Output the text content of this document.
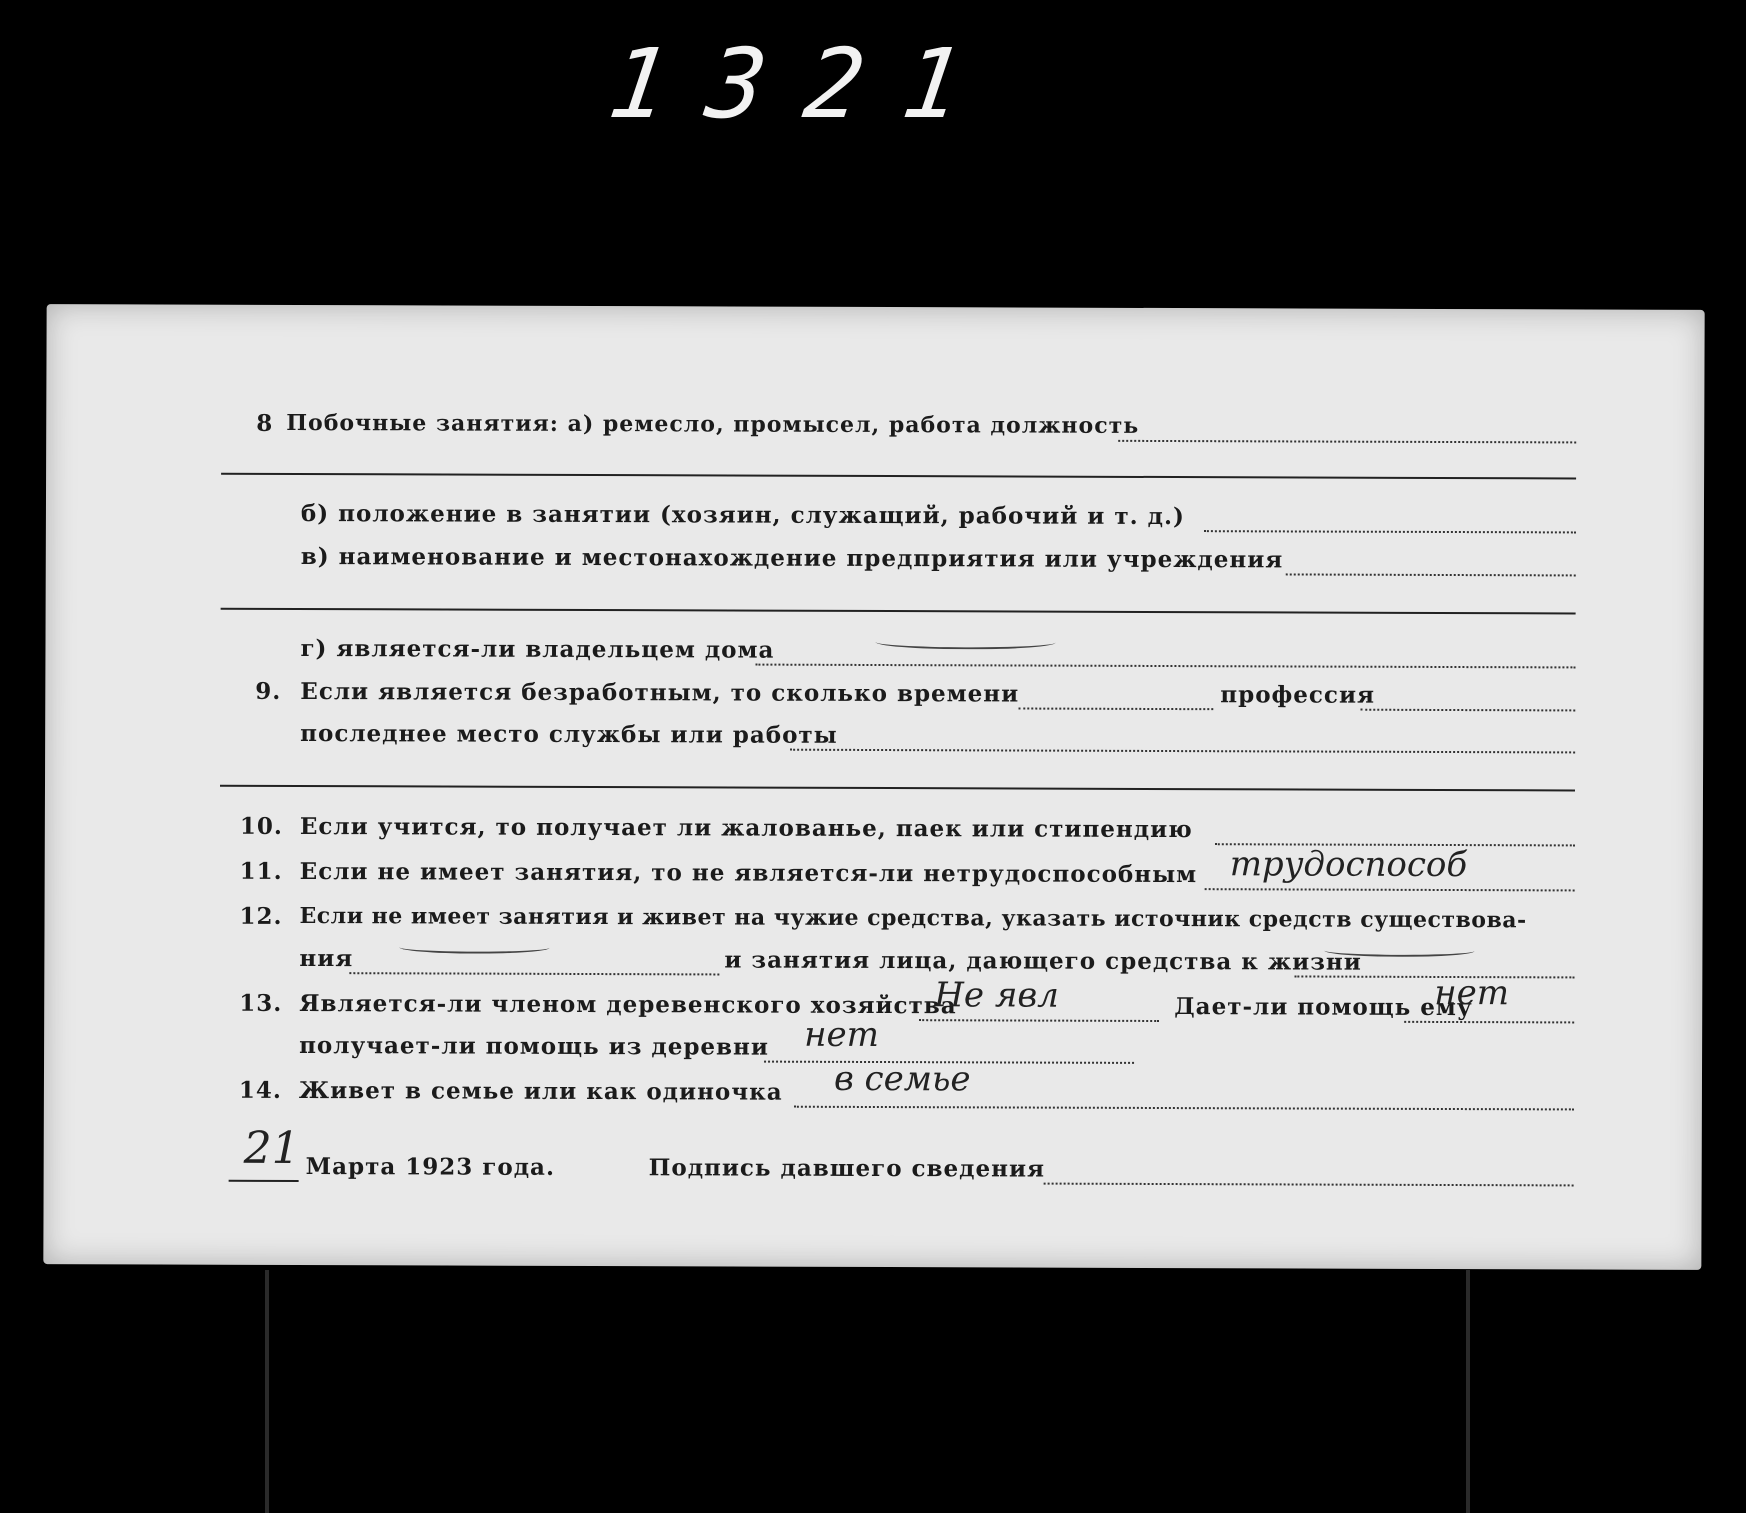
1321
8 Побочные занятия: а) ремесло, промысел, работа должность
б) положение в занятии (хозяин, служащий, рабочий и т. д.)
в) наименование и местонахождение предприятия или учреждения
г) является-ли владельцем дома
9. Если является безработным, то сколько времени	профессия
последнее место службы или работы
10. Если учится, то получает ли жалованье, паек или стипендию
11. Если не имеет занятия, то не является-ли нетрудоспособным трудоспособ
12. Если не имеет занятия и живет на чужие средства, указать источник средств существова-
ния	и занятия лица, дающего средства к жизни
13. Является-ли членом деревенского хозяйства
Не явл	Дает-ли помощь ему
нет
получает-ли помощь из деревни нет
14. Живет в семье или как одиночка в семье
21 Марта 1923 года.	Подпись давшего сведения
